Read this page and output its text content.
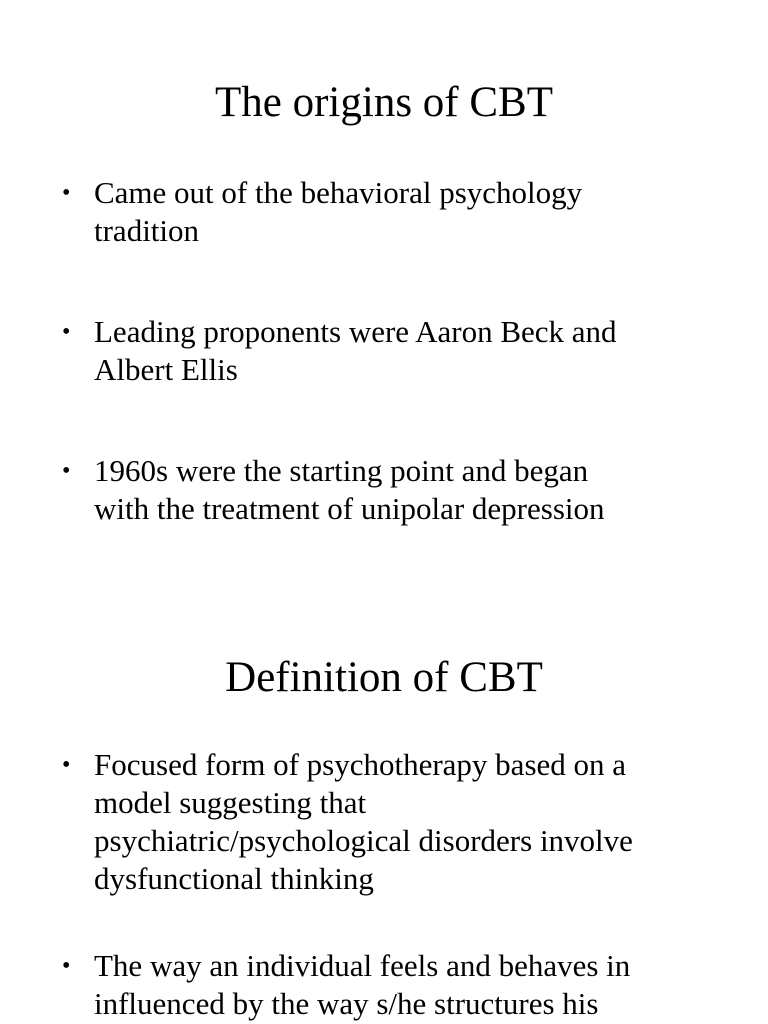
The origins of CBT
• Came out of the behavioral psychology
tradition
• Leading proponents were Aaron Beck and
Albert Ellis
• 1960s were the starting point and began
with the treatment of unipolar depression
Definition of CBT
• Focused form of psychotherapy based on a
model suggesting that
psychiatric/psychological disorders involve
dysfunctional thinking
• The way an individual feels and behaves in
influenced by the way s/he structures his
